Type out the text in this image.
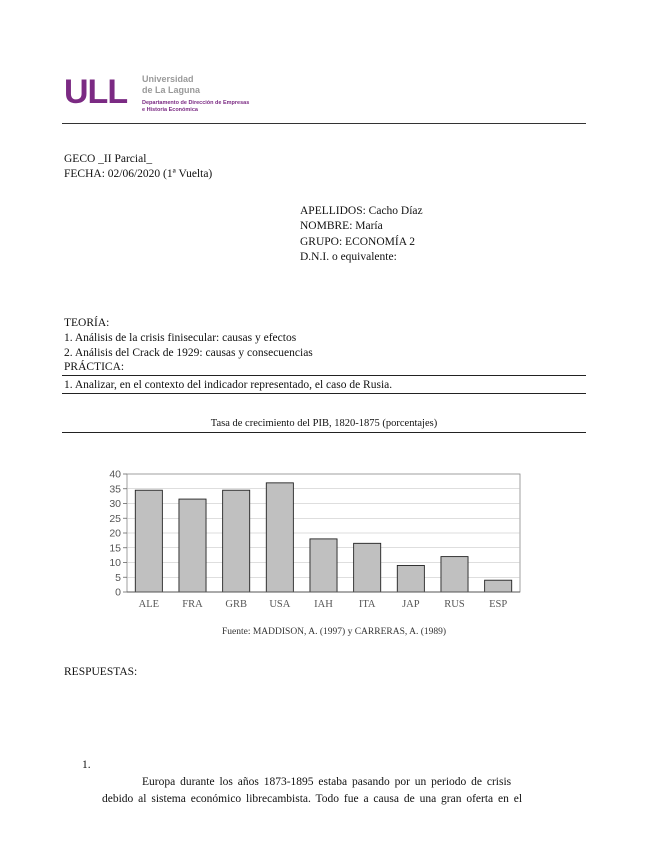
ULL Universidad
de La Laguna
Departamento de Dirección de Empresas
e Historia Económica
GECO _II Parcial_
FECHA: 02/06/2020 (1ª Vuelta)
APELLIDOS: Cacho Díaz
NOMBRE: María
GRUPO: ECONOMÍA 2
D.N.I. o equivalente:
TEORÍA:
1. Análisis de la crisis finisecular: causas y efectos
2. Análisis del Crack de 1929: causas y consecuencias
PRÁCTICA:
1. Analizar, en el contexto del indicador representado, el caso de Rusia.
Tasa de crecimiento del PIB, 1820-1875 (porcentajes)
0
5
10
15
20
25
30
35
40
ALE FRA GRB USA IAH ITA	JAP RUS ESP
Fuente: MADDISON, A. (1997) y CARRERAS, A. (1989)
RESPUESTAS:
1.
Europa durante los años 1873-1895 estaba pasando por un periodo de crisis
debido al sistema económico librecambista. Todo fue a causa de una gran oferta en el
